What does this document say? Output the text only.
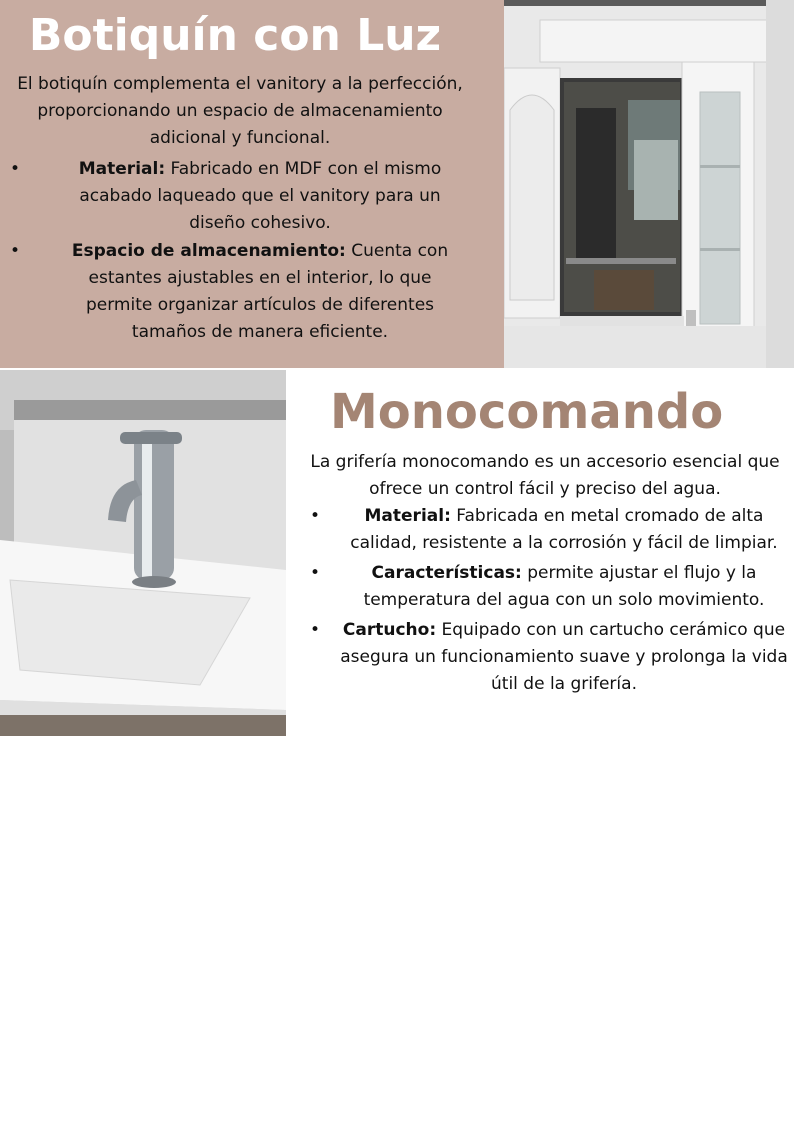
Botiquín con Luz

El botiquín complementa el vanitory a la perfección, proporcionando un espacio de almacenamiento adicional y funcional.

•	Material: Fabricado en MDF con el mismo acabado laqueado que el vanitory para un diseño cohesivo.
•	Espacio de almacenamiento: Cuenta con estantes ajustables en el interior, lo que permite organizar artículos de diferentes tamaños de manera eficiente.
Monocomando

La grifería monocomando es un accesorio esencial que ofrece un control fácil y preciso del agua.

•	Material: Fabricada en metal cromado de alta calidad, resistente a la corrosión y fácil de limpiar.
•	Características: permite ajustar el flujo y la temperatura del agua con un solo movimiento.
• Cartucho: Equipado con un cartucho cerámico que asegura un funcionamiento suave y prolonga la vida útil de la grifería.
